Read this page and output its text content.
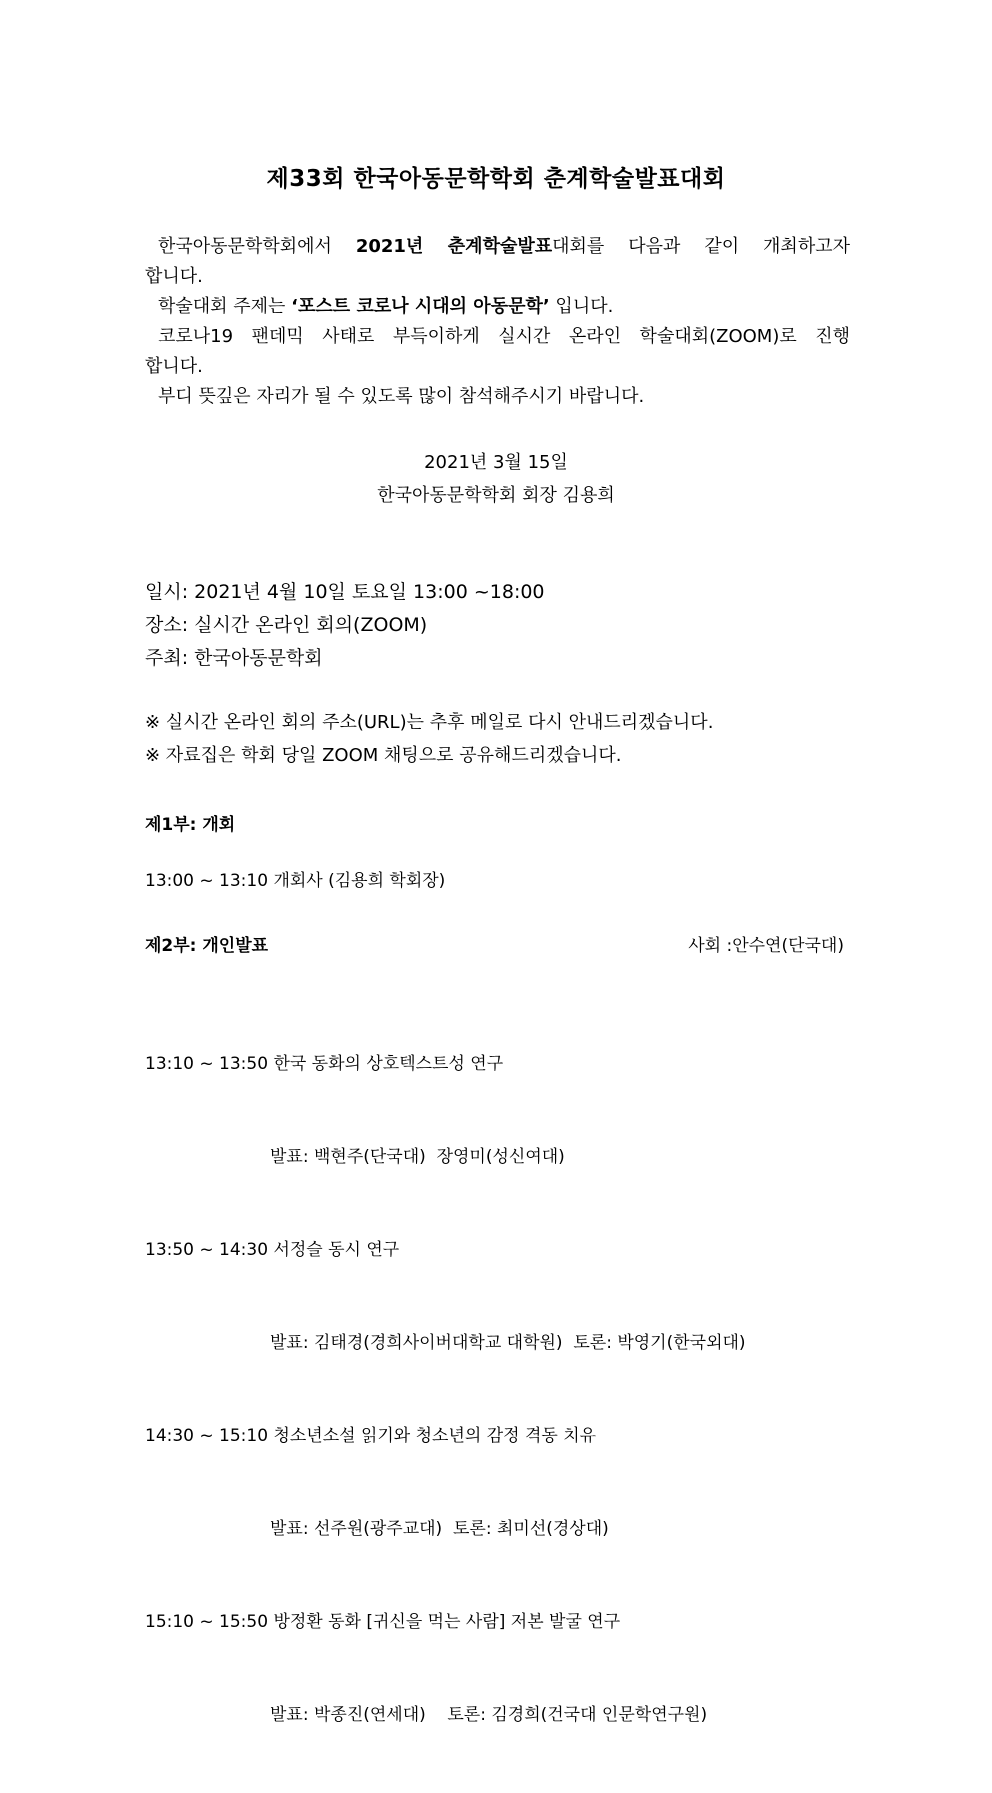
제33회 한국아동문학학회 춘계학술발표대회
한국아동문학학회에서 2021년 춘계학술발표대회를 다음과 같이 개최하고자
합니다.
학술대회 주제는 ‘포스트 코로나 시대의 아동문학’ 입니다.
코로나19 팬데믹 사태로 부득이하게 실시간 온라인 학술대회(ZOOM)로 진행
합니다.
부디 뜻깊은 자리가 될 수 있도록 많이 참석해주시기 바랍니다.
2021년 3월 15일
한국아동문학학회 회장 김용희
일시: 2021년 4월 10일 토요일 13:00 ~18:00
장소: 실시간 온라인 회의(ZOOM)
주최: 한국아동문학회
※ 실시간 온라인 회의 주소(URL)는 추후 메일로 다시 안내드리겠습니다.
※ 자료집은 학회 당일 ZOOM 채팅으로 공유해드리겠습니다.
제1부: 개회
13:00 ~ 13:10 개회사 (김용희 학회장)
제2부: 개인발표	사회 :안수연(단국대)

13:10 ~ 13:50 한국 동화의 상호텍스트성 연구

발표: 백현주(단국대)  장영미(성신여대)

13:50 ~ 14:30 서정슬 동시 연구

발표: 김태경(경희사이버대학교 대학원)  토론: 박영기(한국외대)

14:30 ~ 15:10 청소년소설 읽기와 청소년의 감정 격동 치유

발표: 선주원(광주교대)  토론: 최미선(경상대)

15:10 ~ 15:50 방정환 동화 [귀신을 먹는 사람] 저본 발굴 연구

발표: 박종진(연세대)    토론: 김경희(건국대 인문학연구원)
